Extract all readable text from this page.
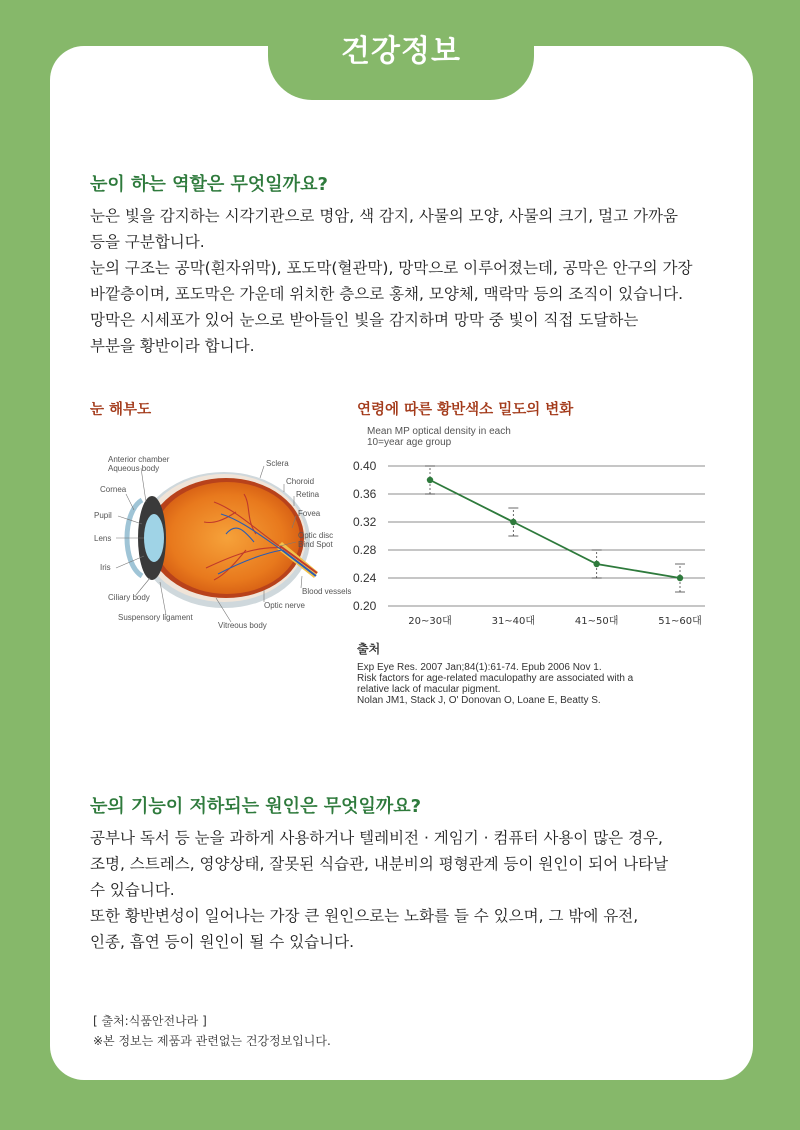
건강정보
눈이 하는 역할은 무엇일까요?

눈은 빛을 감지하는 시각기관으로 명암, 색 감지, 사물의 모양, 사물의 크기, 멀고 가까움

등을 구분합니다.

눈의 구조는 공막(흰자위막), 포도막(혈관막), 망막으로 이루어졌는데, 공막은 안구의 가장

바깥층이며, 포도막은 가운데 위치한 층으로 홍채, 모양체, 맥락막 등의 조직이 있습니다.

망막은 시세포가 있어 눈으로 받아들인 빛을 감지하며 망막 중 빛이 직접 도달하는

부분을 황반이라 합니다.

눈 해부도	연령에 따른 황반색소 밀도의 변화
Anterior chamber
Aqueous body
Cornea
Pupil
Lens
Iris
Ciliary body
Suspensory ligament
Vitreous body
Optic nerve
Blood vessels
Optic disc
Bind Spot
Fovea
Retina
Choroid
Sclera
Mean MP optical density in each
10=year age group
0.40
0.36
0.32
0.28
0.24
0.20
20~30대	31~40대	41~50대	51~60대
출처
Exp Eye Res. 2007 Jan;84(1):61-74. Epub 2006 Nov 1.
Risk factors for age-related maculopathy are associated with a
relative lack of macular pigment.
Nolan JM1, Stack J, O' Donovan O, Loane E, Beatty S.
눈의 기능이 저하되는 원인은 무엇일까요?

공부나 독서 등 눈을 과하게 사용하거나 텔레비전 · 게임기 · 컴퓨터 사용이 많은 경우,

조명, 스트레스, 영양상태, 잘못된 식습관, 내분비의 평형관계 등이 원인이 되어 나타날

수 있습니다.

또한 황반변성이 일어나는 가장 큰 원인으로는 노화를 들 수 있으며, 그 밖에 유전,

인종, 흡연 등이 원인이 될 수 있습니다.

[ 출처:식품안전나라 ]
※본 정보는 제품과 관련없는 건강정보입니다.
